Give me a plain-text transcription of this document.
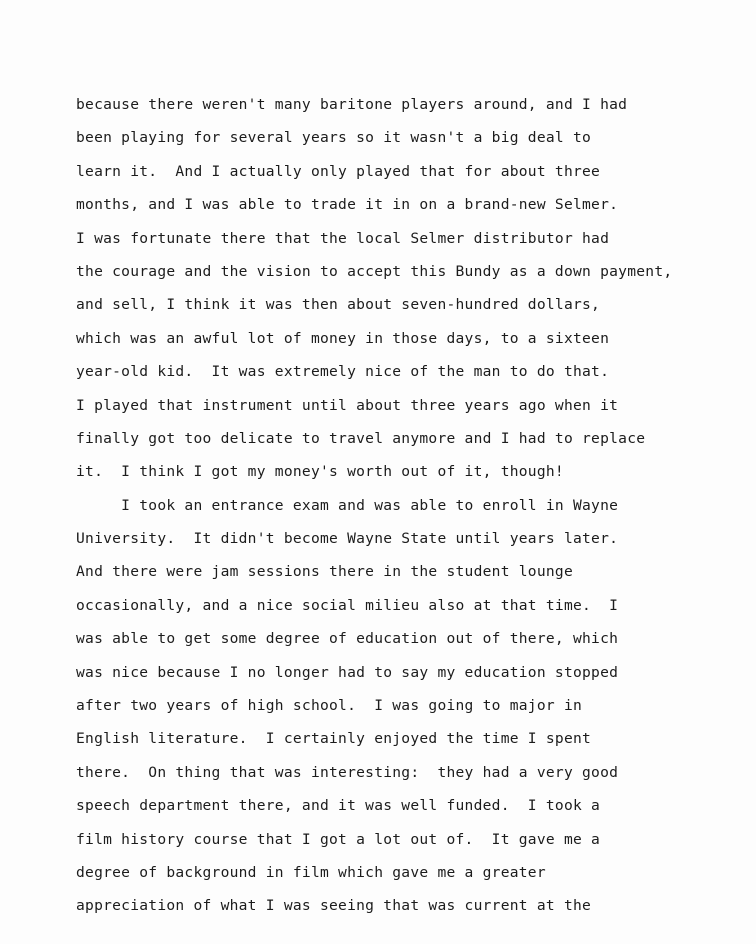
because there weren't many baritone players around, and I had
been playing for several years so it wasn't a big deal to
learn it.  And I actually only played that for about three
months, and I was able to trade it in on a brand-new Selmer.
I was fortunate there that the local Selmer distributor had
the courage and the vision to accept this Bundy as a down payment,
and sell, I think it was then about seven-hundred dollars,
which was an awful lot of money in those days, to a sixteen
year-old kid.  It was extremely nice of the man to do that.
I played that instrument until about three years ago when it
finally got too delicate to travel anymore and I had to replace
it.  I think I got my money's worth out of it, though!
I took an entrance exam and was able to enroll in Wayne
University.  It didn't become Wayne State until years later.
And there were jam sessions there in the student lounge
occasionally, and a nice social milieu also at that time.  I
was able to get some degree of education out of there, which
was nice because I no longer had to say my education stopped
after two years of high school.  I was going to major in
English literature.  I certainly enjoyed the time I spent
there.  On thing that was interesting:  they had a very good
speech department there, and it was well funded.  I took a
film history course that I got a lot out of.  It gave me a
degree of background in film which gave me a greater
appreciation of what I was seeing that was current at the
